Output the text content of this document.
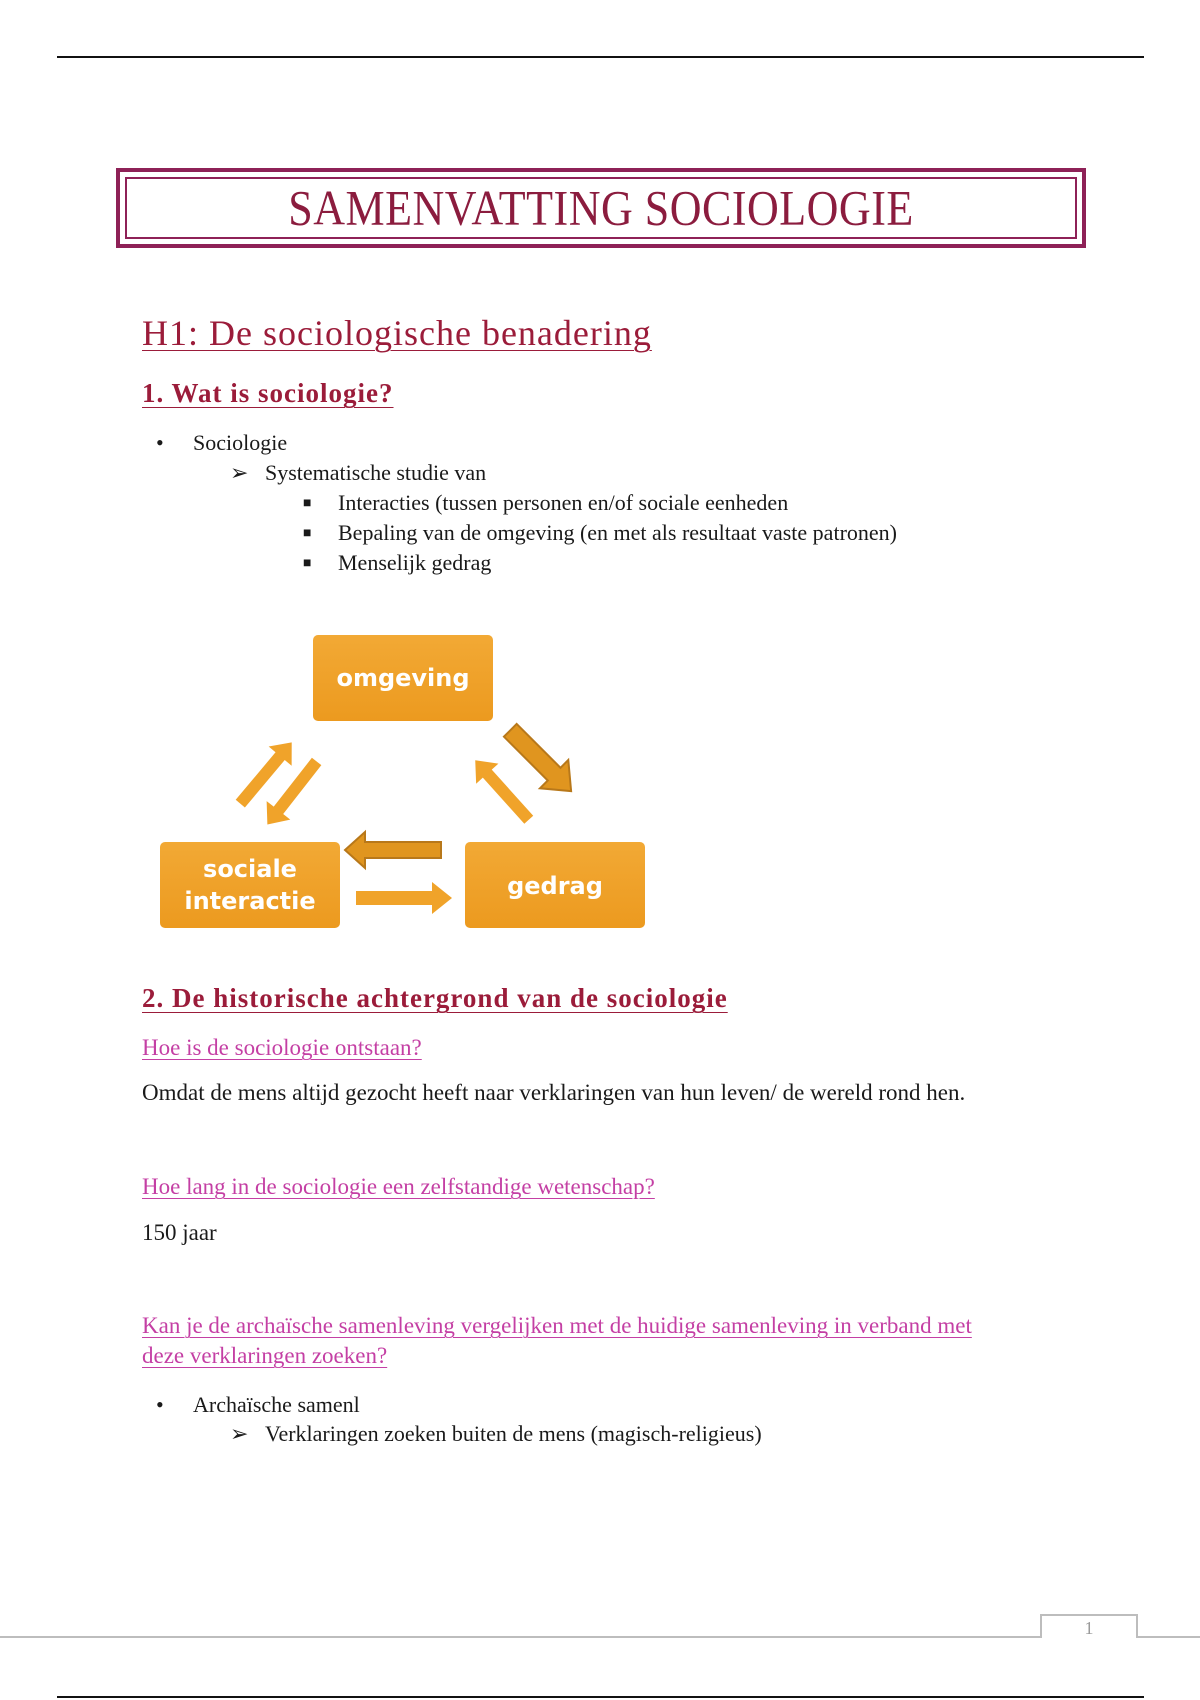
SAMENVATTING SOCIOLOGIE
H1: De sociologische benadering
1. Wat is sociologie?
• Sociologie
➢ Systematische studie van
■ Interacties (tussen personen en/of sociale eenheden
■ Bepaling van de omgeving (en met als resultaat vaste patronen)
■ Menselijk gedrag
omgeving
sociale
interactie
gedrag
2. De historische achtergrond van de sociologie
Hoe is de sociologie ontstaan?
Omdat de mens altijd gezocht heeft naar verklaringen van hun leven/ de wereld rond hen.
Hoe lang in de sociologie een zelfstandige wetenschap?
150 jaar
Kan je de archaïsche samenleving vergelijken met de huidige samenleving in verband met
deze verklaringen zoeken?
• Archaïsche samenl
➢ Verklaringen zoeken buiten de mens (magisch-religieus)
1
